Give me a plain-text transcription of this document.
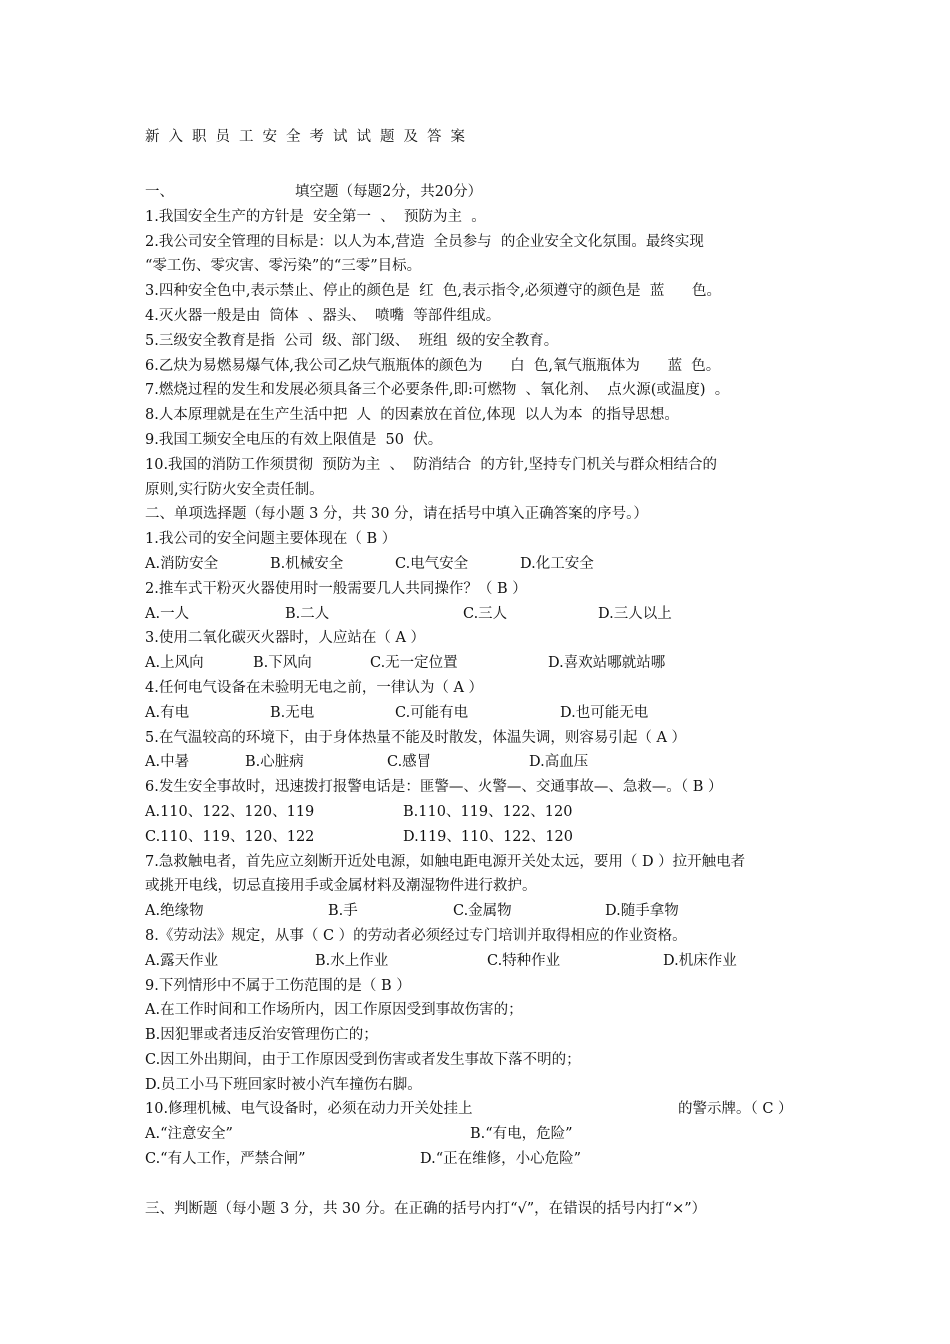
新入职员工安全考试试题及答案
一、	填空题（每题2分，共20分）
1.我国安全生产的方针是  安全第一  、  预防为主  。
2.我公司安全管理的目标是：以人为本,营造  全员参与  的企业安全文化氛围。最终实现
“零工伤、零灾害、零污染”的“三零”目标。
3.四种安全色中,表示禁止、停止的颜色是  红  色,表示指令,必须遵守的颜色是  蓝      色。
4.灭火器一般是由  筒体  、器头、  喷嘴  等部件组成。
5.三级安全教育是指  公司  级、部门级、  班组  级的安全教育。
6.乙炔为易燃易爆气体,我公司乙炔气瓶瓶体的颜色为      白  色,氧气瓶瓶体为      蓝  色。
7.燃烧过程的发生和发展必须具备三个必要条件,即:可燃物  、氧化剂、  点火源(或温度)  。
8.人本原理就是在生产生活中把  人  的因素放在首位,体现  以人为本  的指导思想。
9.我国工频安全电压的有效上限值是  50  伏。
10.我国的消防工作须贯彻  预防为主  、  防消结合  的方针,坚持专门机关与群众相结合的
原则,实行防火安全责任制。
二、单项选择题（每小题 3 分，共 30 分，请在括号中填入正确答案的序号。）
1.我公司的安全问题主要体现在（ B ）
A.消防安全	B.机械安全	C.电气安全	D.化工安全
2.推车式干粉灭火器使用时一般需要几人共同操作？（ B ）
A.一人	B.二人	C.三人	D.三人以上
3.使用二氧化碳灭火器时，人应站在（ A ）
A.上风向	B.下风向	C.无一定位置	D.喜欢站哪就站哪
4.任何电气设备在未验明无电之前，一律认为（ A ）
A.有电	B.无电	C.可能有电	D.也可能无电
5.在气温较高的环境下，由于身体热量不能及时散发，体温失调，则容易引起（ A ）
A.中暑	B.心脏病	C.感冒	D.高血压
6.发生安全事故时，迅速拨打报警电话是：匪警—、火警—、交通事故—、急救—。（ B ）
A.110、122、120、119	B.110、119、122、120
C.110、119、120、122	D.119、110、122、120
7.急救触电者，首先应立刻断开近处电源，如触电距电源开关处太远，要用（ D ）拉开触电者
或挑开电线，切忌直接用手或金属材料及潮湿物件进行救护。
A.绝缘物	B.手	C.金属物	D.随手拿物
8.《劳动法》规定，从事（ C ）的劳动者必须经过专门培训并取得相应的作业资格。
A.露天作业	B.水上作业	C.特种作业	D.机床作业
9.下列情形中不属于工伤范围的是（ B ）
A.在工作时间和工作场所内，因工作原因受到事故伤害的；
B.因犯罪或者违反治安管理伤亡的；
C.因工外出期间，由于工作原因受到伤害或者发生事故下落不明的；
D.员工小马下班回家时被小汽车撞伤右脚。
10.修理机械、电气设备时，必须在动力开关处挂上	的警示牌。（ C ）
A.“注意安全”	B.“有电，危险”
C.“有人工作，严禁合闸”	D.“正在维修，小心危险”
三、判断题（每小题 3 分，共 30 分。在正确的括号内打“√”，在错误的括号内打“×”）
